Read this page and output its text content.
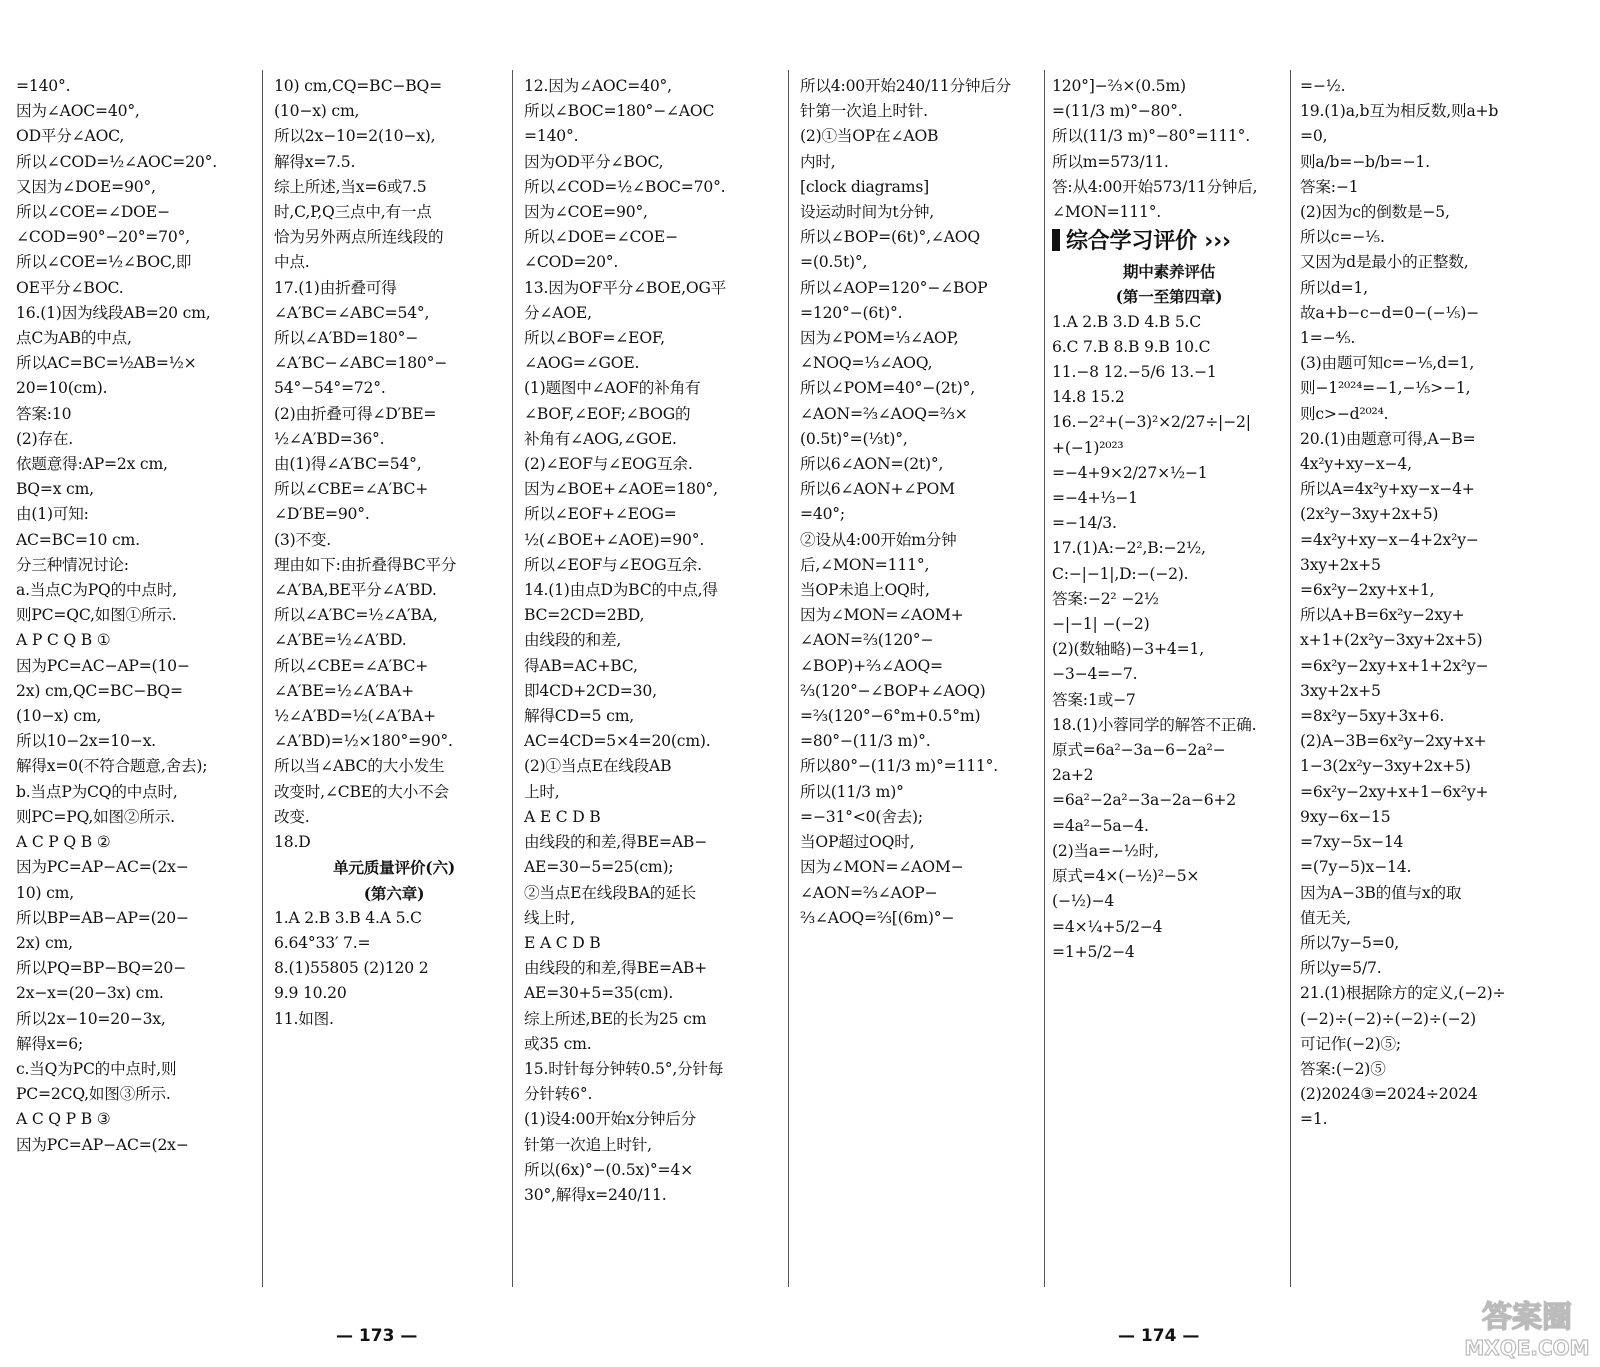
=140°.
因为∠AOC=40°,
OD平分∠AOC,
所以∠COD=½∠AOC=20°.
又因为∠DOE=90°,
所以∠COE=∠DOE−
∠COD=90°−20°=70°,
所以∠COE=½∠BOC,即
OE平分∠BOC.
16.(1)因为线段AB=20 cm,
点C为AB的中点,
所以AC=BC=½AB=½×
20=10(cm).
答案:10
(2)存在.
依题意得:AP=2x cm,
BQ=x cm,
由(1)可知:
AC=BC=10 cm.
分三种情况讨论:
a.当点C为PQ的中点时,
则PC=QC,如图①所示.
A P C Q B ①
因为PC=AC−AP=(10−
2x) cm,QC=BC−BQ=
(10−x) cm,
所以10−2x=10−x.
解得x=0(不符合题意,舍去);
b.当点P为CQ的中点时,
则PC=PQ,如图②所示.
A C P Q B ②
因为PC=AP−AC=(2x−
10) cm,
所以BP=AB−AP=(20−
2x) cm,
所以PQ=BP−BQ=20−
2x−x=(20−3x) cm.
所以2x−10=20−3x,
解得x=6;
c.当Q为PC的中点时,则
PC=2CQ,如图③所示.
A C Q P B ③
因为PC=AP−AC=(2x−
10) cm,CQ=BC−BQ=
(10−x) cm,
所以2x−10=2(10−x),
解得x=7.5.
综上所述,当x=6或7.5
时,C,P,Q三点中,有一点
恰为另外两点所连线段的
中点.
17.(1)由折叠可得
∠A′BC=∠ABC=54°,
所以∠A′BD=180°−
∠A′BC−∠ABC=180°−
54°−54°=72°.
(2)由折叠可得∠D′BE=
½∠A′BD=36°.
由(1)得∠A′BC=54°,
所以∠CBE=∠A′BC+
∠D′BE=90°.
(3)不变.
理由如下:由折叠得BC平分
∠A′BA,BE平分∠A′BD.
所以∠A′BC=½∠A′BA,
∠A′BE=½∠A′BD.
所以∠CBE=∠A′BC+
∠A′BE=½∠A′BA+
½∠A′BD=½(∠A′BA+
∠A′BD)=½×180°=90°.
所以当∠ABC的大小发生
改变时,∠CBE的大小不会
改变.
18.D
单元质量评价(六)
(第六章)
1.A 2.B 3.B 4.A 5.C
6.64°33′ 7.=
8.(1)55805 (2)120 2
9.9 10.20
11.如图.
12.因为∠AOC=40°,
所以∠BOC=180°−∠AOC
=140°.
因为OD平分∠BOC,
所以∠COD=½∠BOC=70°.
因为∠COE=90°,
所以∠DOE=∠COE−
∠COD=20°.
13.因为OF平分∠BOE,OG平
分∠AOE,
所以∠BOF=∠EOF,
∠AOG=∠GOE.
(1)题图中∠AOF的补角有
∠BOF,∠EOF;∠BOG的
补角有∠AOG,∠GOE.
(2)∠EOF与∠EOG互余.
因为∠BOE+∠AOE=180°,
所以∠EOF+∠EOG=
½(∠BOE+∠AOE)=90°.
所以∠EOF与∠EOG互余.
14.(1)由点D为BC的中点,得
BC=2CD=2BD,
由线段的和差,
得AB=AC+BC,
即4CD+2CD=30,
解得CD=5 cm,
AC=4CD=5×4=20(cm).
(2)①当点E在线段AB
上时,
A E C D B
由线段的和差,得BE=AB−
AE=30−5=25(cm);
②当点E在线段BA的延长
线上时,
E A C D B
由线段的和差,得BE=AB+
AE=30+5=35(cm).
综上所述,BE的长为25 cm
或35 cm.
15.时针每分钟转0.5°,分针每
分针转6°.
(1)设4:00开始x分钟后分
针第一次追上时针,
所以(6x)°−(0.5x)°=4×
30°,解得x=240/11.
所以4:00开始240/11分钟后分
针第一次追上时针.
(2)①当OP在∠AOB
内时,
[clock diagrams]
设运动时间为t分钟,
所以∠BOP=(6t)°,∠AOQ
=(0.5t)°,
所以∠AOP=120°−∠BOP
=120°−(6t)°.
因为∠POM=⅓∠AOP,
∠NOQ=⅓∠AOQ,
所以∠POM=40°−(2t)°,
∠AON=⅔∠AOQ=⅔×
(0.5t)°=(⅓t)°,
所以6∠AON=(2t)°,
所以6∠AON+∠POM
=40°;
②设从4:00开始m分钟
后,∠MON=111°,
当OP未追上OQ时,
因为∠MON=∠AOM+
∠AON=⅔(120°−
∠BOP)+⅔∠AOQ=
⅔(120°−∠BOP+∠AOQ)
=⅔(120°−6°m+0.5°m)
=80°−(11/3 m)°.
所以80°−(11/3 m)°=111°.
所以(11/3 m)°
=−31°<0(舍去);
当OP超过OQ时,
因为∠MON=∠AOM−
∠AON=⅔∠AOP−
⅔∠AOQ=⅔[(6m)°−
120°]−⅔×(0.5m)
=(11/3 m)°−80°.
所以(11/3 m)°−80°=111°.
所以m=573/11.
答:从4:00开始573/11分钟后,
∠MON=111°.
综合学习评价 ›››
期中素养评估
(第一至第四章)
1.A 2.B 3.D 4.B 5.C
6.C 7.B 8.B 9.B 10.C
11.−8 12.−5/6 13.−1
14.8 15.2
16.−2²+(−3)²×2/27÷|−2|
+(−1)²⁰²³
=−4+9×2/27×½−1
=−4+⅓−1
=−14/3.
17.(1)A:−2²,B:−2½,
C:−|−1|,D:−(−2).
答案:−2² −2½
−|−1| −(−2)
(2)(数轴略)−3+4=1,
−3−4=−7.
答案:1或−7
18.(1)小蓉同学的解答不正确.
原式=6a²−3a−6−2a²−
2a+2
=6a²−2a²−3a−2a−6+2
=4a²−5a−4.
(2)当a=−½时,
原式=4×(−½)²−5×
(−½)−4
=4×¼+5/2−4
=1+5/2−4
=−½.
19.(1)a,b互为相反数,则a+b
=0,
则a/b=−b/b=−1.
答案:−1
(2)因为c的倒数是−5,
所以c=−⅕.
又因为d是最小的正整数,
所以d=1,
故a+b−c−d=0−(−⅕)−
1=−⅘.
(3)由题可知c=−⅕,d=1,
则−1²⁰²⁴=−1,−⅕>−1,
则c>−d²⁰²⁴.
20.(1)由题意可得,A−B=
4x²y+xy−x−4,
所以A=4x²y+xy−x−4+
(2x²y−3xy+2x+5)
=4x²y+xy−x−4+2x²y−
3xy+2x+5
=6x²y−2xy+x+1,
所以A+B=6x²y−2xy+
x+1+(2x²y−3xy+2x+5)
=6x²y−2xy+x+1+2x²y−
3xy+2x+5
=8x²y−5xy+3x+6.
(2)A−3B=6x²y−2xy+x+
1−3(2x²y−3xy+2x+5)
=6x²y−2xy+x+1−6x²y+
9xy−6x−15
=7xy−5x−14
=(7y−5)x−14.
因为A−3B的值与x的取
值无关,
所以7y−5=0,
所以y=5/7.
21.(1)根据除方的定义,(−2)÷
(−2)÷(−2)÷(−2)÷(−2)
可记作(−2)⑤;
答案:(−2)⑤
(2)2024③=2024÷2024
=1.
— 173 —	— 174 —
答案圈
MXQE.COM
